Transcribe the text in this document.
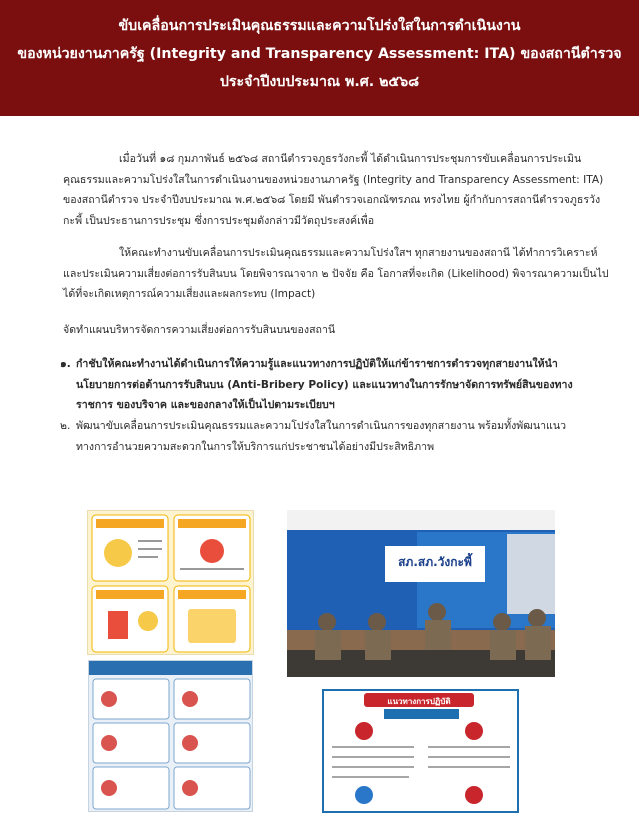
ขับเคลื่อนการประเมินคุณธรรมและความโปร่งใสในการดำเนินงาน
ของหน่วยงานภาครัฐ (Integrity and Transparency Assessment: ITA) ของสถานีตำรวจ
ประจำปีงบประมาณ พ.ศ. ๒๕๖๘
เมื่อวันที่ ๑๘ กุมภาพันธ์ ๒๕๖๘ สถานีตำรวจภูธรวังกะพี้ ได้ดำเนินการประชุมการขับเคลื่อนการประเมิน
คุณธรรมและความโปร่งใสในการดำเนินงานของหน่วยงานภาครัฐ (Integrity and Transparency Assessment: ITA)
ของสถานีตำรวจ ประจำปีงบประมาณ พ.ศ.๒๕๖๘ โดยมี พันตำรวจเอกณัฑรภณ ทรงไทย ผู้กำกับการสถานีตำรวจภูธรวัง
กะพี้ เป็นประธานการประชุม ซึ่งการประชุมดังกล่าวมีวัตถุประสงค์เพื่อ
ให้คณะทำงานขับเคลื่อนการประเมินคุณธรรมและความโปร่งใสฯ ทุกสายงานของสถานี ได้ทำการวิเคราะห์
และประเมินความเสี่ยงต่อการรับสินบน โดยพิจารณาจาก ๒ ปัจจัย คือ โอกาสที่จะเกิด (Likelihood) พิจารณาความเป็นไป
ได้ที่จะเกิดเหตุการณ์ความเสี่ยงและผลกระทบ (Impact)
จัดทำแผนบริหารจัดการความเสี่ยงต่อการรับสินบนของสถานี
๑. กำชับให้คณะทำงานได้ดำเนินการให้ความรู้และแนวทางการปฏิบัติให้แก่ข้าราชการตำรวจทุกสายงานให้นำ
นโยบายการต่อต้านการรับสินบน (Anti-Bribery Policy) และแนวทางในการรักษาจัดการทรัพย์สินของทาง
ราชการ ของบริจาค และของกลางให้เป็นไปตามระเบียบฯ
๒. พัฒนาขับเคลื่อนการประเมินคุณธรรมและความโปร่งใสในการดำเนินการของทุกสายงาน พร้อมทั้งพัฒนาแนว
ทางการอำนวยความสะดวกในการให้บริการแก่ประชาชนได้อย่างมีประสิทธิภาพ
สภ.สภ.วังกะพี้
แนวทางการปฏิบัติ
